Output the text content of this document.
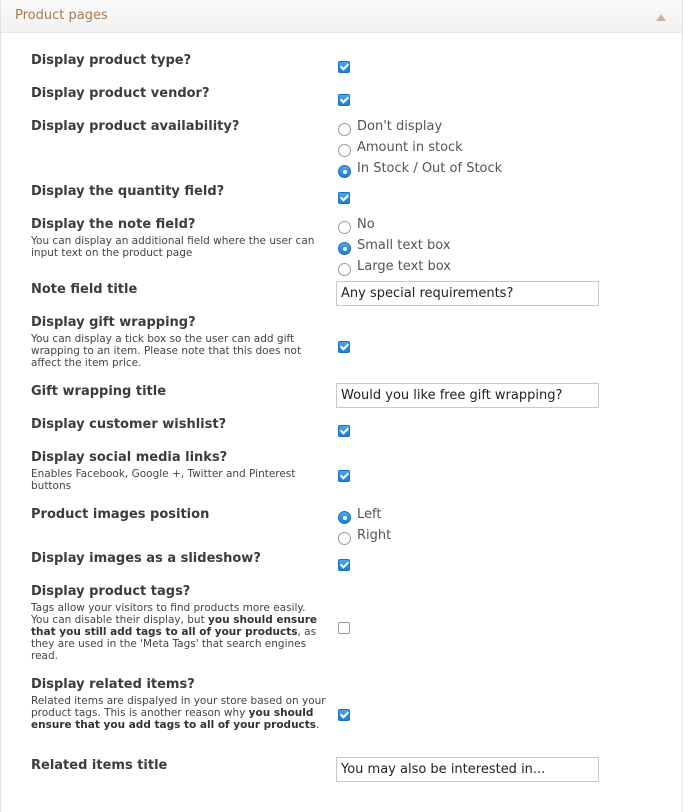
Product pages
Display product type?
Display product vendor?
Display product availability?	Don't display
Amount in stock
In Stock / Out of Stock
Display the quantity field?
Display the note field?
You can display an additional field where the user can input text on the product page
No
Small text box
Large text box
Note field title
Any special requirements?
Display gift wrapping?
You can display a tick box so the user can add gift wrapping to an item. Please note that this does not affect the item price.
Gift wrapping title
Would you like free gift wrapping?
Display customer wishlist?
Display social media links?
Enables Facebook, Google +, Twitter and Pinterest buttons
Product images position	Left
Right
Display images as a slideshow?
Display product tags?
Tags allow your visitors to find products more easily. You can disable their display, but you should ensure that you still add tags to all of your products, as they are used in the 'Meta Tags' that search engines read.
Display related items?
Related items are dispalyed in your store based on your product tags. This is another reason why you should ensure that you add tags to all of your products.
Related items title
You may also be interested in...
